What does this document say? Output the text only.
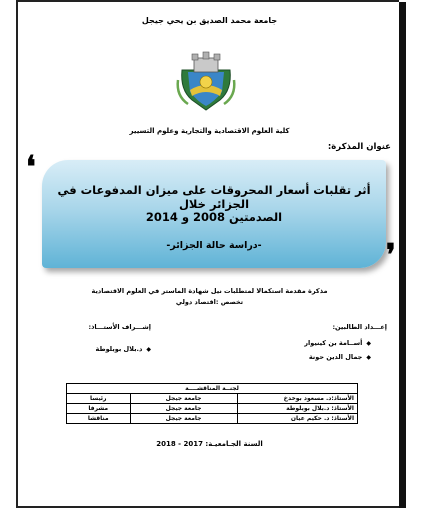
جامعة محمد الصديق بن يحي جيجل
كلية العلوم الاقتصادية والتجارية وعلوم التسيير
عنوان المذكرة:
❛
❜
أثر تقلبات أسعار المحروقات على ميزان المدفوعات في الجزائر خلال
الصدمتين 2008 و 2014
-دراسة حالة الجزائر-
مذكرة مقدمة استكمالا لمتطلبات نيل شهادة الماستر في العلوم الاقتصادية
تخصص :اقتصاد دولي
إعـــداد الطالبين:
إشـــراف الأستـــاذ:
◆أســامة بن كينيوار
◆جمال الدين حونة
◆د.بلال بوبلوطة
لجنــة المناقشــــة		
الأستاذ:د. مسعود بوخدخ	جامعة جيجل	رئيسا
الأستاذ: د.بلال بوبلوطة	جامعة جيجل	مشرفا
الأستاذ: د. حكيم عيان	جامعة جيجل	مناقشا
السنة الجـامعيـة: 2017 - 2018
